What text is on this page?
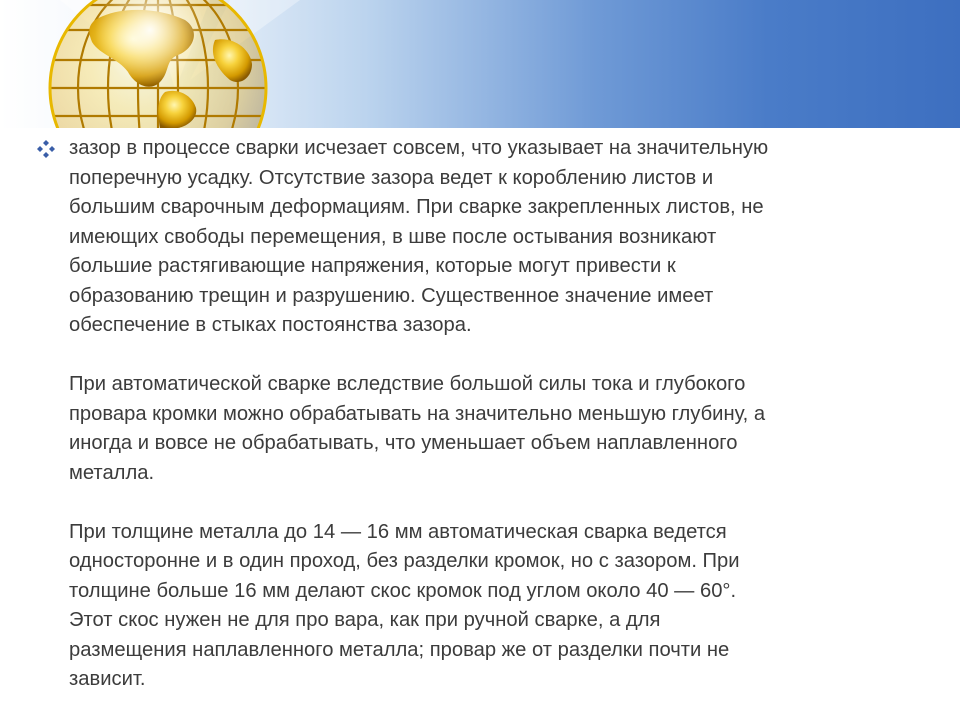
зазор в процессе сварки исчезает совсем, что указывает на значительную
поперечную усадку. Отсутствие зазора ведет к короблению листов и
большим сварочным деформациям. При сварке закрепленных листов, не
имеющих свободы перемещения, в шве после остывания возникают
большие растягивающие напряжения, которые могут привести к
образованию трещин и разрушению. Существенное значение имеет
обеспечение в стыках постоянства зазора.
При автоматической сварке вследствие большой силы тока и глубокого
провара кромки можно обрабатывать на значительно меньшую глубину, а
иногда и вовсе не обрабатывать, что уменьшает объем наплавленного
металла.
При толщине металла до 14 — 16 мм автоматическая сварка ведется
односторонне и в один проход, без разделки кромок, но с зазором. При
толщине больше 16 мм делают скос кромок под углом около 40 — 60°.
Этот скос нужен не для про вара, как при ручной сварке, а для
размещения наплавленного металла; провар же от разделки почти не
зависит.
